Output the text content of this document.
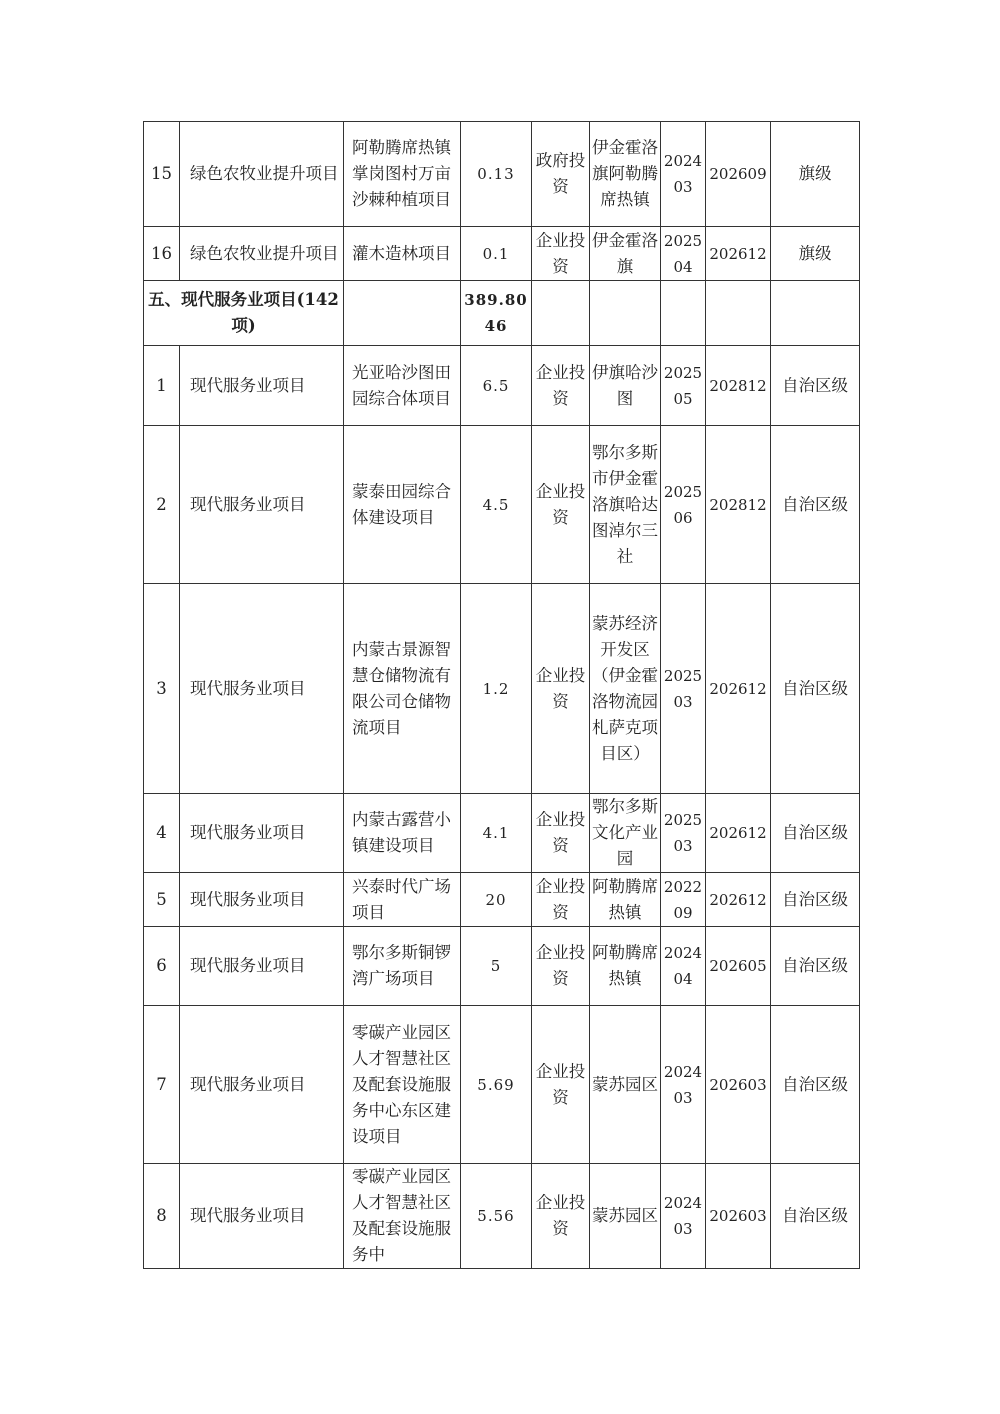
15	绿色农牧业提升项目	阿勒腾席热镇掌岗图村万亩沙棘种植项目	0.13	政府投资	伊金霍洛旗阿勒腾席热镇	202403	202609	旗级
16	绿色农牧业提升项目	灌木造林项目	0.1	企业投资	伊金霍洛旗	202504	202612	旗级
五、现代服务业项目(142项)			389.8046					
1	现代服务业项目	光亚哈沙图田园综合体项目	6.5	企业投资	伊旗哈沙图	202505	202812	自治区级
2	现代服务业项目	蒙泰田园综合体建设项目	4.5	企业投资	鄂尔多斯市伊金霍洛旗哈达图淖尔三社	202506	202812	自治区级
3	现代服务业项目	内蒙古景源智慧仓储物流有限公司仓储物流项目	1.2	企业投资	蒙苏经济开发区（伊金霍洛物流园札萨克项目区）	202503	202612	自治区级
4	现代服务业项目	内蒙古露营小镇建设项目	4.1	企业投资	鄂尔多斯文化产业园	202503	202612	自治区级
5	现代服务业项目	兴泰时代广场项目	20	企业投资	阿勒腾席热镇	202209	202612	自治区级
6	现代服务业项目	鄂尔多斯铜锣湾广场项目	5	企业投资	阿勒腾席热镇	202404	202605	自治区级
7	现代服务业项目	零碳产业园区人才智慧社区及配套设施服务中心东区建设项目	5.69	企业投资	蒙苏园区	202403	202603	自治区级
8	现代服务业项目	零碳产业园区人才智慧社区及配套设施服务中	5.56	企业投资	蒙苏园区	202403	202603	自治区级
